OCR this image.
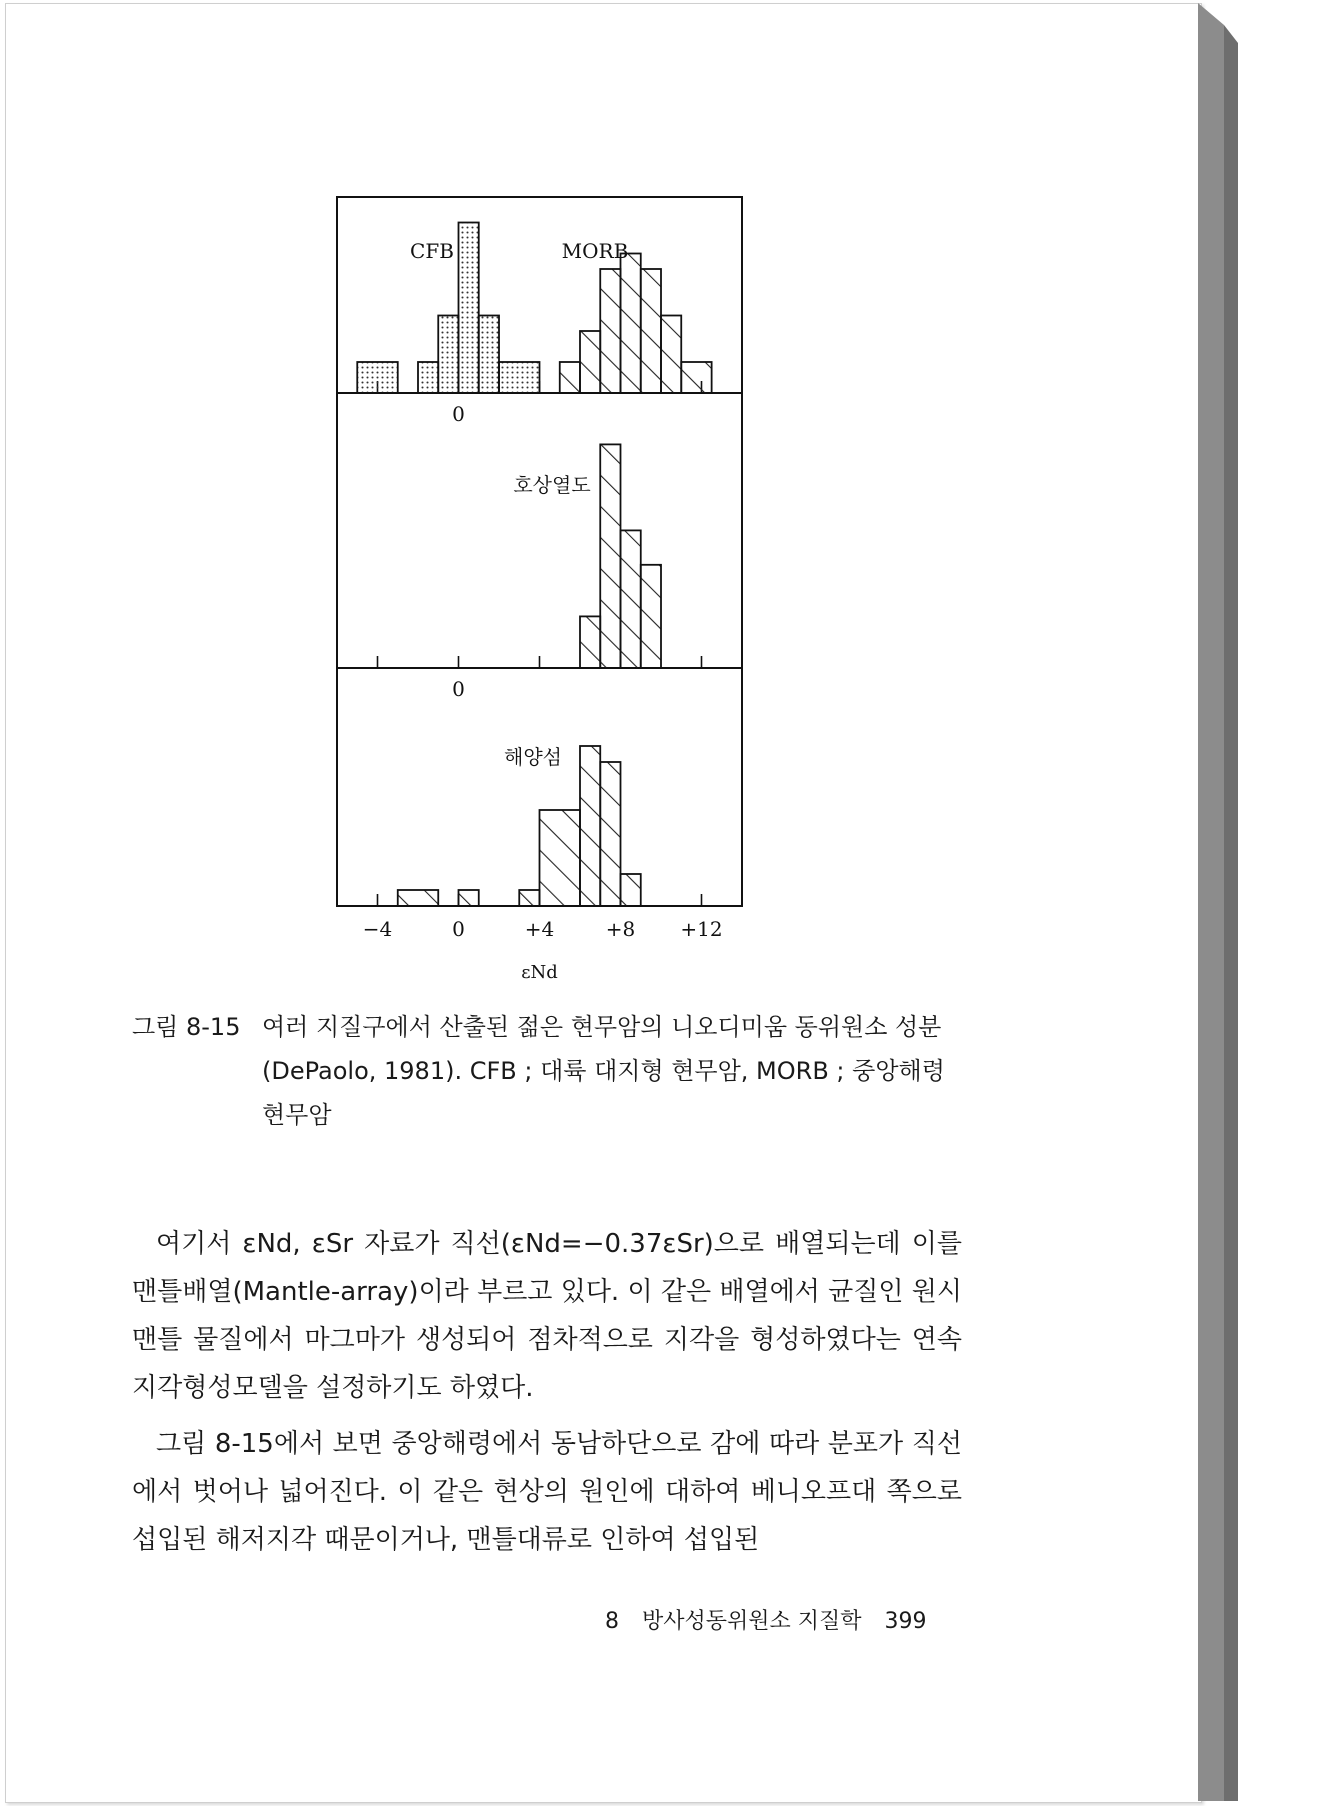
CFB	MORB
0
호상열도
0
해양섬
−4	0	+4	+8 +12
εNd
그림 8-15 여러 지질구에서 산출된 젊은 현무암의 니오디미움 동위원소 성분(DePaolo, 1981). CFB ; 대륙 대지형 현무암, MORB ; 중앙해령 현무암
여기서 εNd, εSr 자료가 직선(εNd=−0.37εSr)으로 배열되는데 이를 맨틀배열(Mantle-array)이라 부르고 있다. 이 같은 배열에서 균질인 원시맨틀 물질에서 마그마가 생성되어 점차적으로 지각을 형성하였다는 연속 지각형성모델을 설정하기도 하였다.
그림 8-15에서 보면 중앙해령에서 동남하단으로 감에 따라 분포가 직선에서 벗어나 넓어진다. 이 같은 현상의 원인에 대하여 베니오프대 쪽으로 섭입된 해저지각 때문이거나, 맨틀대류로 인하여 섭입된
8 방사성동위원소 지질학 399
